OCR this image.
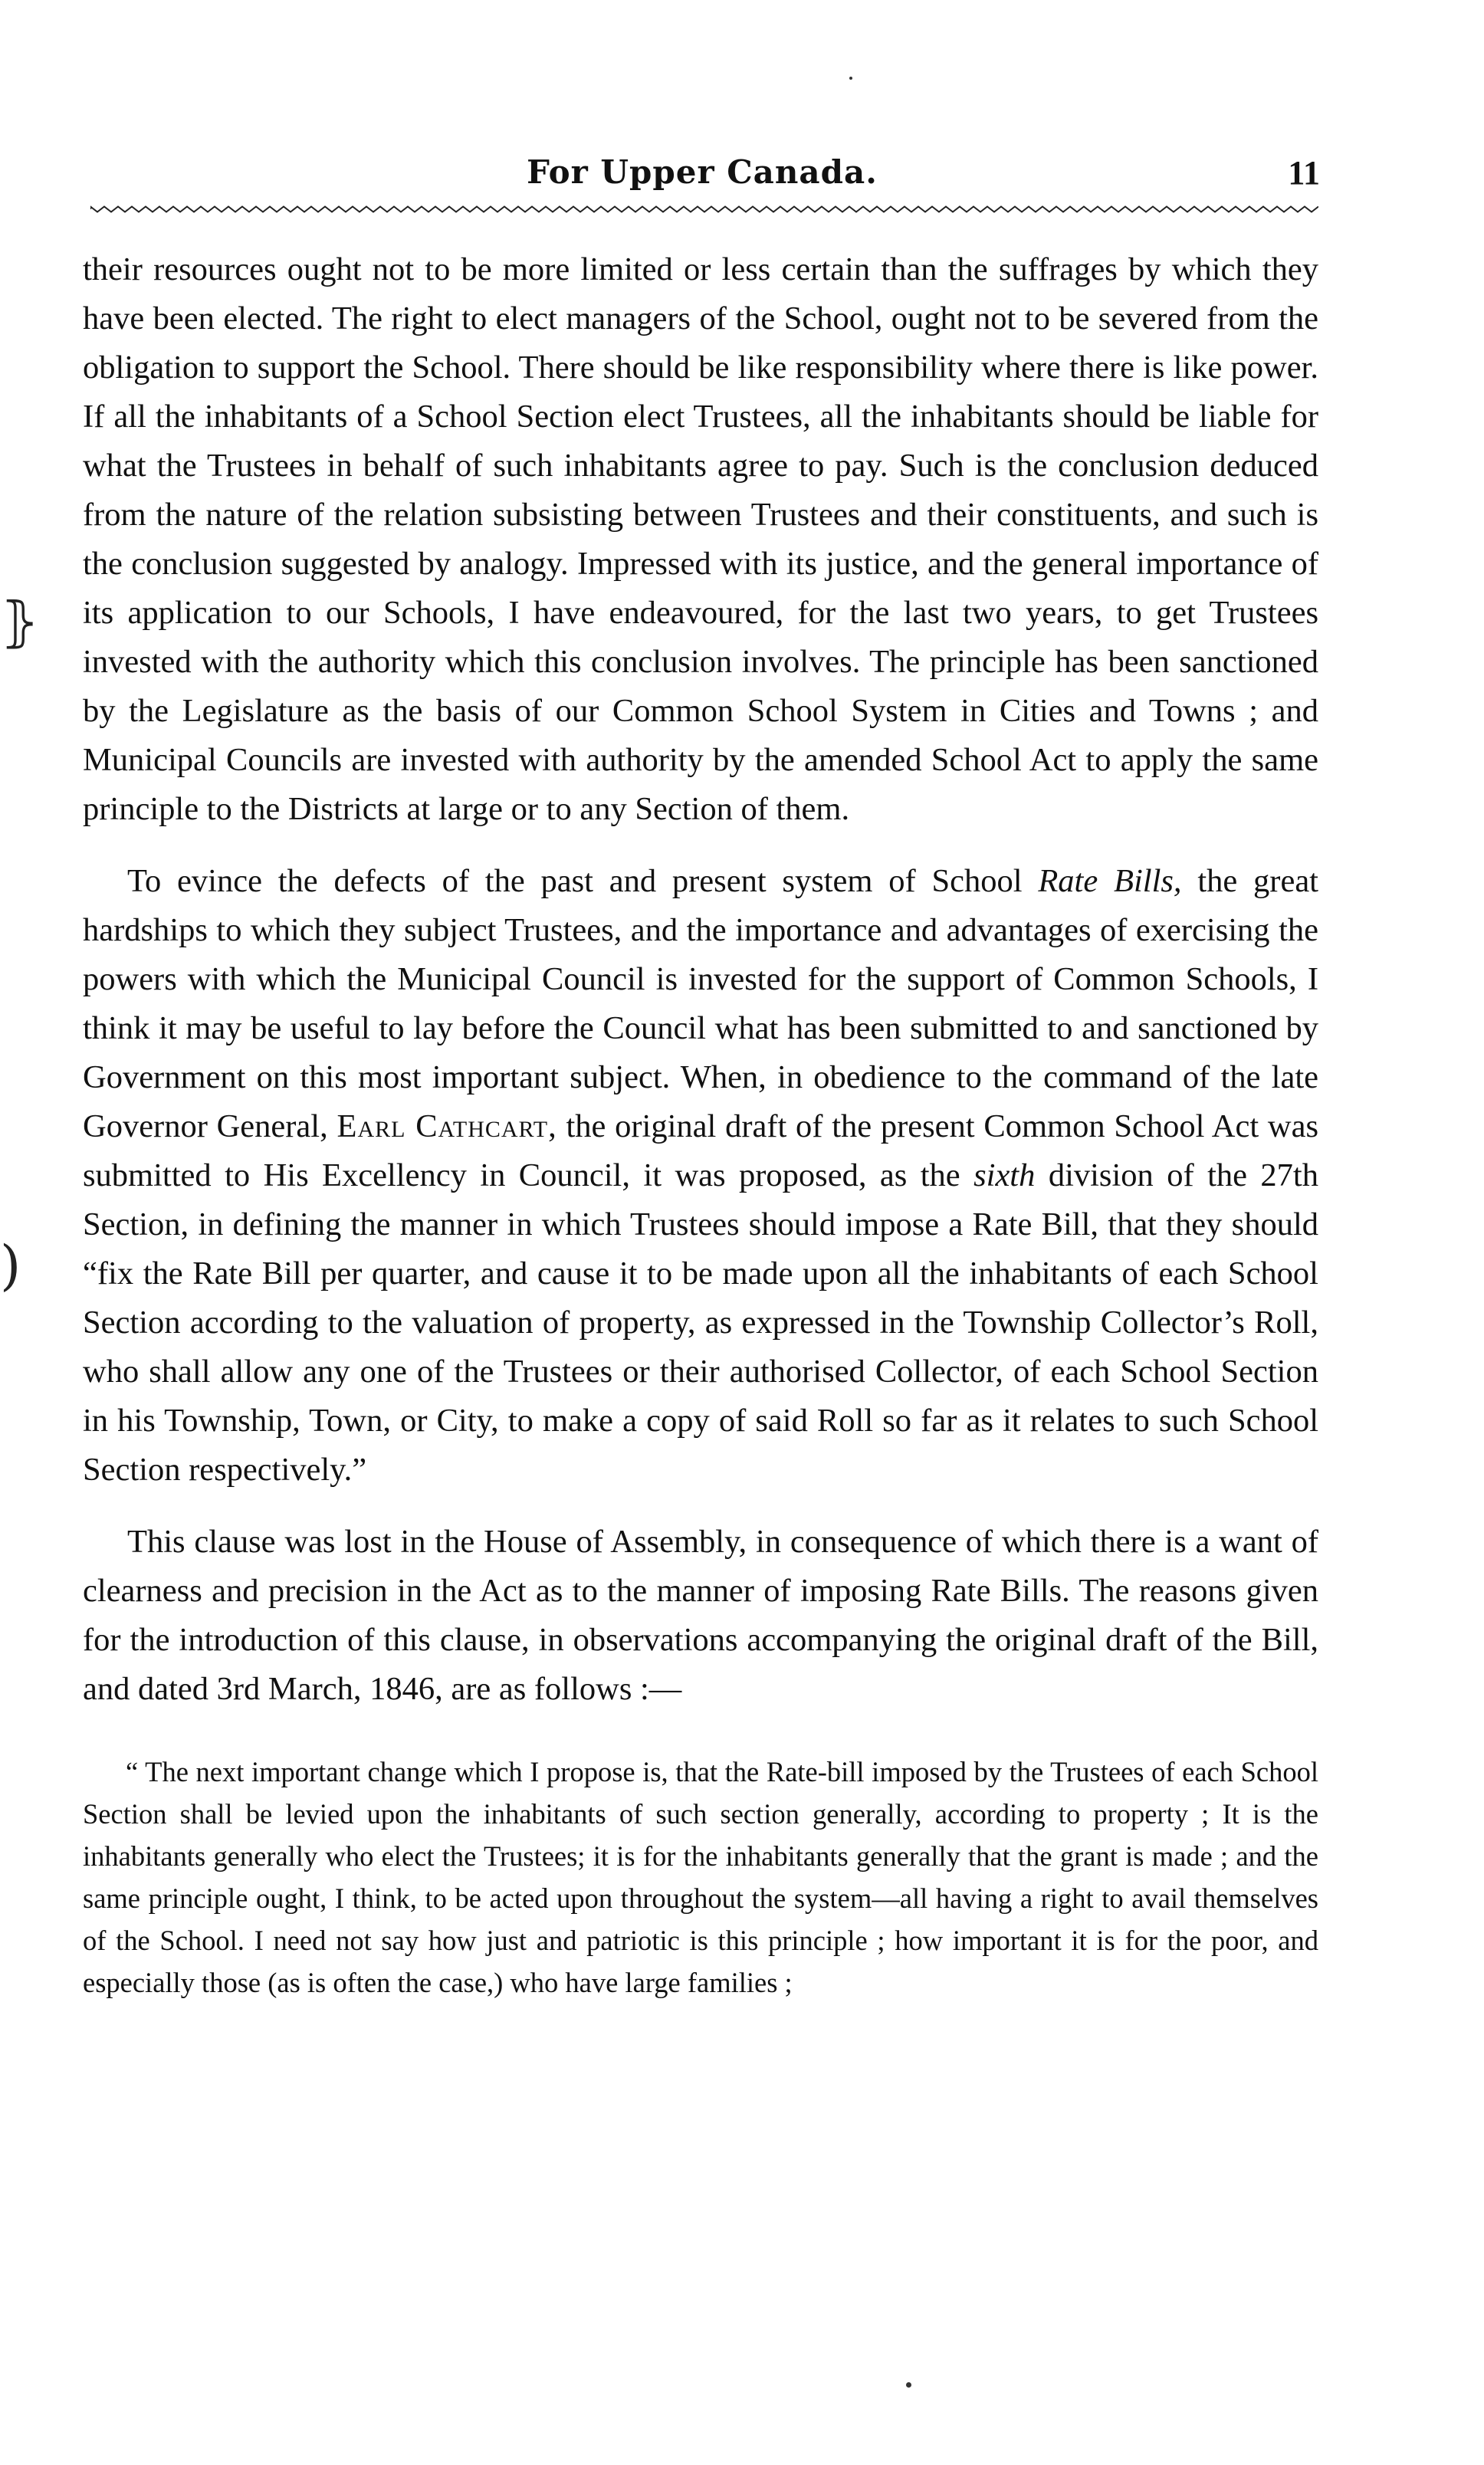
For Upper Canada.	11

their resources ought not to be more limited or less certain than the suffrages by which they have been elected. The right to elect managers of the School, ought not to be severed from the obligation to support the School. There should be like responsibility where there is like power. If all the inhabitants of a School Section elect Trustees, all the inhabitants should be liable for what the Trustees in behalf of such inhabitants agree to pay. Such is the conclusion deduced from the nature of the relation subsisting between Trustees and their constituents, and such is the conclusion suggested by analogy. Impressed with its justice, and the general importance of its application to our Schools, I have endeavoured, for the last two years, to get Trustees invested with the authority which this conclusion involves. The principle has been sanctioned by the Legislature as the basis of our Common School System in Cities and Towns ; and Municipal Councils are invested with authority by the amended School Act to apply the same principle to the Districts at large or to any Section of them.

To evince the defects of the past and present system of School Rate Bills, the great hardships to which they subject Trustees, and the importance and advantages of exercising the powers with which the Municipal Council is invested for the support of Common Schools, I think it may be useful to lay before the Council what has been submitted to and sanctioned by Government on this most important subject. When, in obedience to the command of the late Governor General, Earl Cathcart, the original draft of the present Common School Act was submitted to His Excellency in Council, it was proposed, as the sixth division of the 27th Section, in defining the manner in which Trustees should impose a Rate Bill, that they should “fix the Rate Bill per quarter, and cause it to be made upon all the inhabitants of each School Section according to the valuation of property, as expressed in the Township Collector’s Roll, who shall allow any one of the Trustees or their authorised Collector, of each School Section in his Township, Town, or City, to make a copy of said Roll so far as it relates to such School Section respectively.”

This clause was lost in the House of Assembly, in consequence of which there is a want of clearness and precision in the Act as to the manner of imposing Rate Bills. The reasons given for the introduction of this clause, in observations accompanying the original draft of the Bill, and dated 3rd March, 1846, are as follows :—

“ The next important change which I propose is, that the Rate-bill imposed by the Trustees of each School Section shall be levied upon the inhabitants of such section generally, according to property ; It is the inhabitants generally who elect the Trustees; it is for the inhabitants generally that the grant is made ; and the same principle ought, I think, to be acted upon throughout the system—all having a right to avail themselves of the School. I need not say how just and patriotic is this principle ; how important it is for the poor, and especially those (as is often the case,) who have large families ;

⦄
)
